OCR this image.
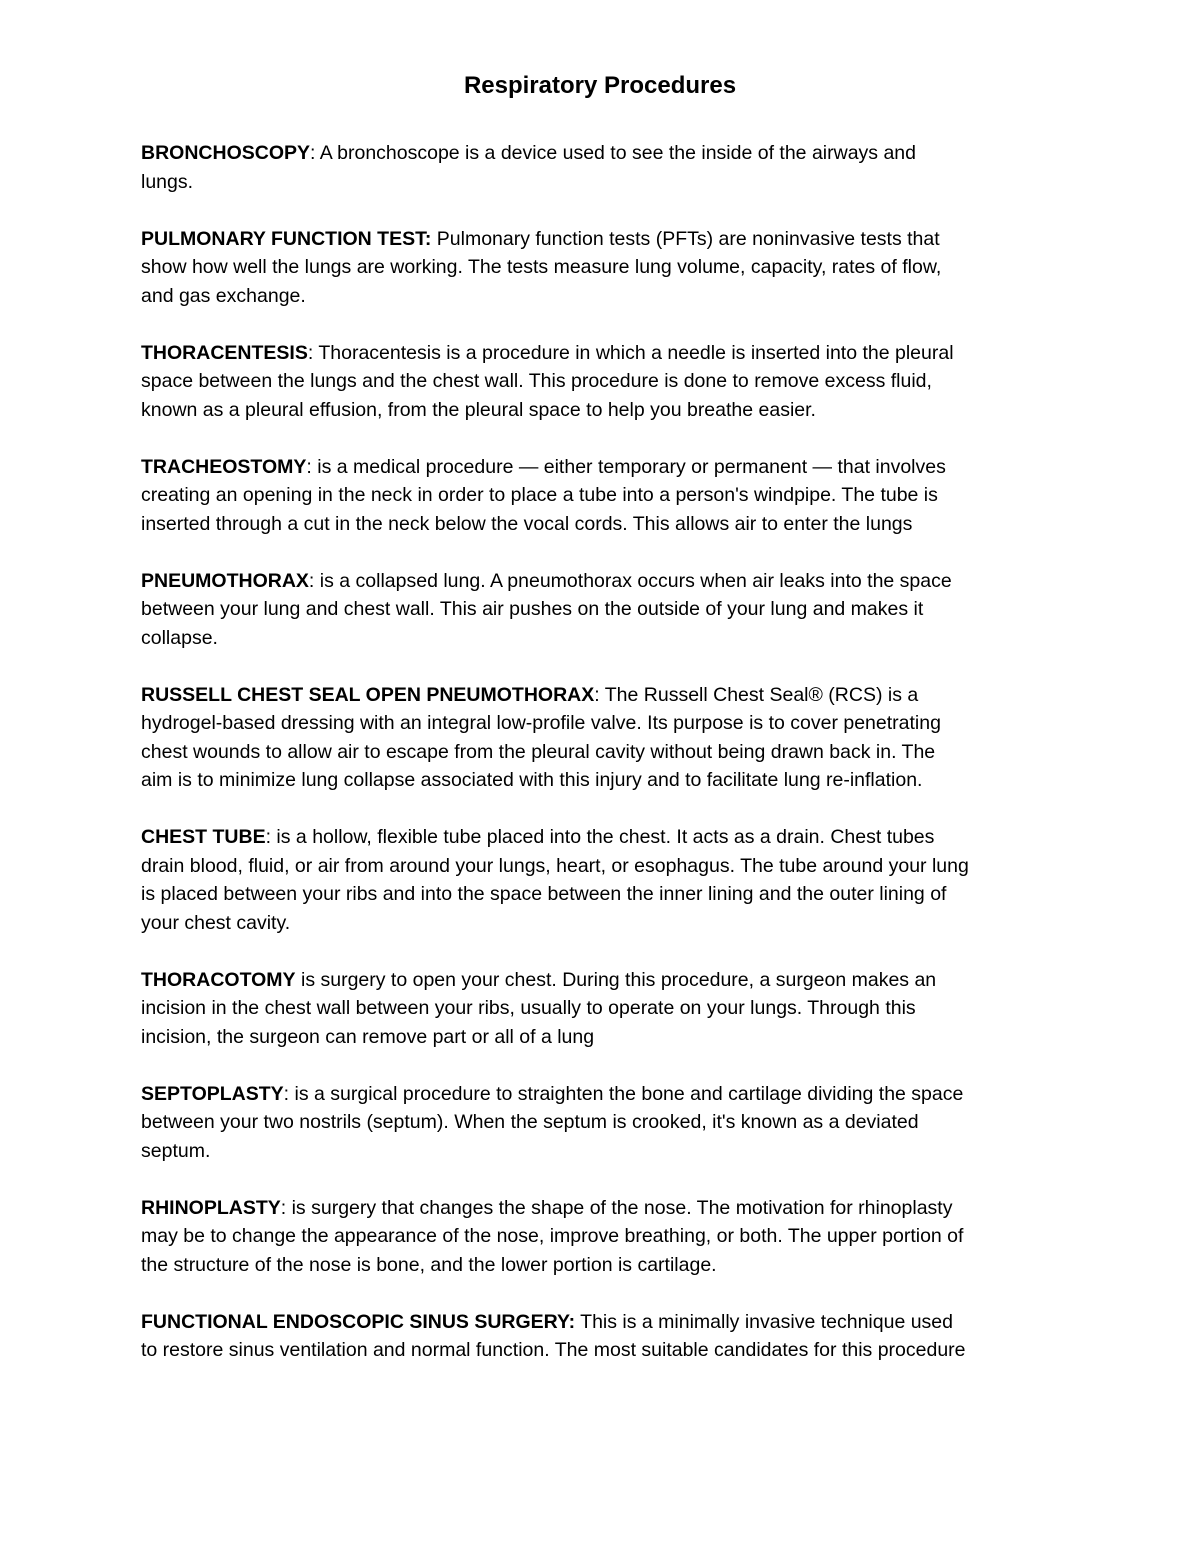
Respiratory Procedures

BRONCHOSCOPY: A bronchoscope is a device used to see the inside of the airways and
lungs.

PULMONARY FUNCTION TEST: Pulmonary function tests (PFTs) are noninvasive tests that
show how well the lungs are working. The tests measure lung volume, capacity, rates of flow,
and gas exchange.

THORACENTESIS: Thoracentesis is a procedure in which a needle is inserted into the pleural
space between the lungs and the chest wall. This procedure is done to remove excess fluid,
known as a pleural effusion, from the pleural space to help you breathe easier.

TRACHEOSTOMY: is a medical procedure — either temporary or permanent — that involves
creating an opening in the neck in order to place a tube into a person's windpipe. The tube is
inserted through a cut in the neck below the vocal cords. This allows air to enter the lungs

PNEUMOTHORAX: is a collapsed lung. A pneumothorax occurs when air leaks into the space
between your lung and chest wall. This air pushes on the outside of your lung and makes it
collapse.

RUSSELL CHEST SEAL OPEN PNEUMOTHORAX: The Russell Chest Seal® (RCS) is a
hydrogel-based dressing with an integral low-profile valve. Its purpose is to cover penetrating
chest wounds to allow air to escape from the pleural cavity without being drawn back in. The
aim is to minimize lung collapse associated with this injury and to facilitate lung re-inflation.

CHEST TUBE: is a hollow, flexible tube placed into the chest. It acts as a drain. Chest tubes
drain blood, fluid, or air from around your lungs, heart, or esophagus. The tube around your lung
is placed between your ribs and into the space between the inner lining and the outer lining of
your chest cavity.

THORACOTOMY is surgery to open your chest. During this procedure, a surgeon makes an
incision in the chest wall between your ribs, usually to operate on your lungs. Through this
incision, the surgeon can remove part or all of a lung

SEPTOPLASTY: is a surgical procedure to straighten the bone and cartilage dividing the space
between your two nostrils (septum). When the septum is crooked, it's known as a deviated
septum.

RHINOPLASTY: is surgery that changes the shape of the nose. The motivation for rhinoplasty
may be to change the appearance of the nose, improve breathing, or both. The upper portion of
the structure of the nose is bone, and the lower portion is cartilage.

FUNCTIONAL ENDOSCOPIC SINUS SURGERY: This is a minimally invasive technique used
to restore sinus ventilation and normal function. The most suitable candidates for this procedure
